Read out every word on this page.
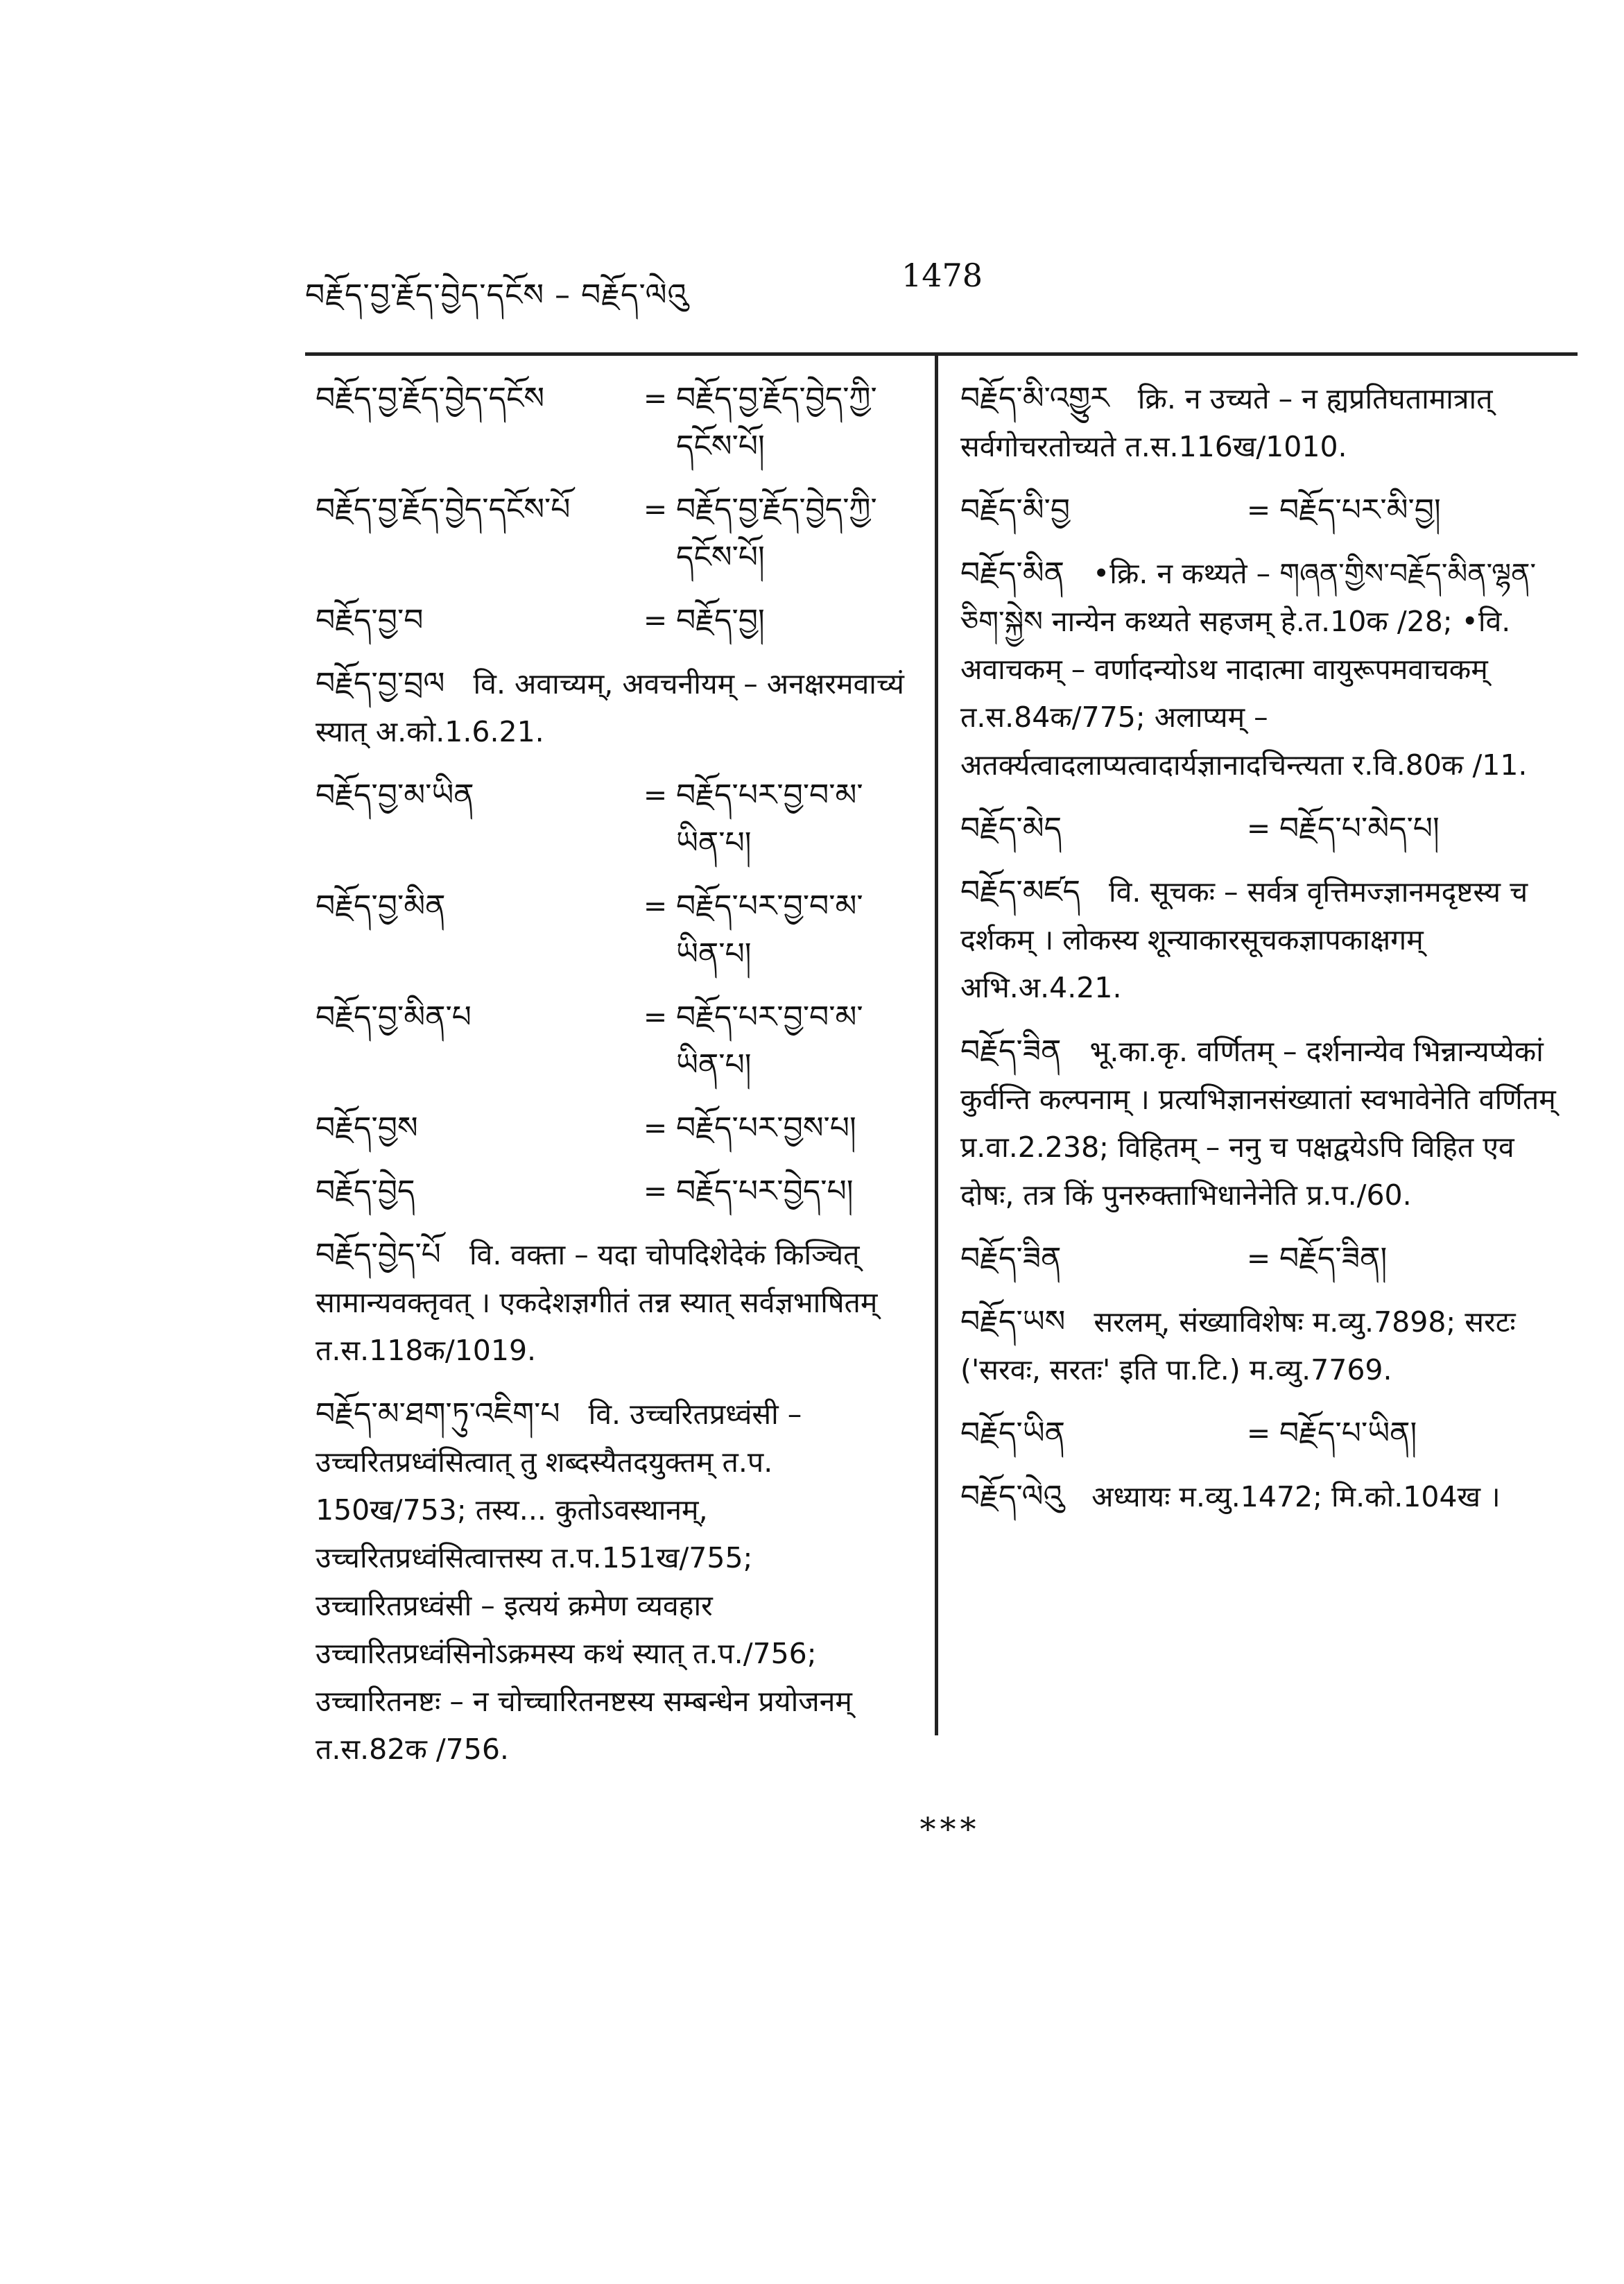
བརྗོད་བྱ་རྗོད་བྱེད་དངོས – བརྗོད་ལེའུ
1478
བརྗོད་བྱ་རྗོད་བྱེད་དངོས	= བརྗོད་བྱ་རྗོད་བྱེད་ཀྱི་དངོས་པོ།
བརྗོད་བྱ་རྗོད་བྱེད་དངོས་པོ	= བརྗོད་བྱ་རྗོད་བྱེད་ཀྱི་དངོས་པོ།
བརྗོད་བྱ་བ	= བརྗོད་བྱ།
བརྗོད་བྱ་བྲལ वि. अवाच्यम्, अवचनीयम् – अनक्षरमवाच्यं स्यात् अ.को.1.6.21.
བརྗོད་བྱ་མ་ཡིན	= བརྗོད་པར་བྱ་བ་མ་ཡིན་པ།
བརྗོད་བྱ་མིན	= བརྗོད་པར་བྱ་བ་མ་ཡིན་པ།
བརྗོད་བྱ་མིན་པ	= བརྗོད་པར་བྱ་བ་མ་ཡིན་པ།
བརྗོད་བྱས	= བརྗོད་པར་བྱས་པ།
བརྗོད་བྱེད	= བརྗོད་པར་བྱེད་པ།
བརྗོད་བྱེད་པོ वि. वक्ता – यदा चोपदिशेदेकं किञ्चित् सामान्यवक्तृवत् । एकदेशज्ञगीतं तन्न स्यात् सर्वज्ञभाषितम् त.स.118क/1019.
བརྗོད་མ་ཐག་ཏུ་འཇིག་པ वि. उच्चरितप्रध्वंसी – उच्चरितप्रध्वंसित्वात् तु शब्दस्यैतदयुक्तम् त.प. 150ख/753; तस्य... कुतोऽवस्थानम्, उच्चरितप्रध्वंसित्वात्तस्य त.प.151ख/755; उच्चारितप्रध्वंसी – इत्ययं क्रमेण व्यवहार उच्चारितप्रध्वंसिनोऽक्रमस्य कथं स्यात् त.प./756; उच्चारितनष्टः – न चोच्चारितनष्टस्य सम्बन्धेन प्रयोजनम् त.स.82क /756.
བརྗོད་མི་འགྱུར क्रि. न उच्यते – न ह्यप्रतिघतामात्रात् सर्वगोचरतोच्यते त.स.116ख/1010.
བརྗོད་མི་བྱ	= བརྗོད་པར་མི་བྱ།
བརྗོད་མིན •क्रि. न कथ्यते – གཞན་གྱིས་བརྗོད་མིན་ལྷན་ཅིག་སྐྱེས नान्येन कथ्यते सहजम् हे.त.10क /28; •वि. अवाचकम् – वर्णादन्योऽथ नादात्मा वायुरूपमवाचकम् त.स.84क/775; अलाप्यम् – अतर्क्यत्वादलाप्यत्वादार्यज्ञानादचिन्त्यता र.वि.80क /11.
བརྗོད་མེད	= བརྗོད་པ་མེད་པ།
བརྗོད་མཛད वि. सूचकः – सर्वत्र वृत्तिमज्ज्ञानमदृष्टस्य च दर्शकम् । लोकस्य शून्याकारसूचकज्ञापकाक्षगम् अभि.अ.4.21.
བརྗོད་ཟིན भू.का.कृ. वर्णितम् – दर्शनान्येव भिन्नान्यप्येकां कुर्वन्ति कल्पनाम् । प्रत्यभिज्ञानसंख्यातां स्वभावेनेति वर्णितम् प्र.वा.2.238; विहितम् – ननु च पक्षद्वयेऽपि विहित एव दोषः, तत्र किं पुनरुक्ताभिधानेनेति प्र.प./60.
བརྗོད་ཟིན	= བརྗོད་ཟིན།
བརྗོད་ཡས सरलम्, संख्याविशेषः म.व्यु.7898; सरटः ('सरवः, सरतः' इति पा.टि.) म.व्यु.7769.
བརྗོད་ཡིན	= བརྗོད་པ་ཡིན།
བརྗོད་ལེའུ अध्यायः म.व्यु.1472; मि.को.104ख ।
***
